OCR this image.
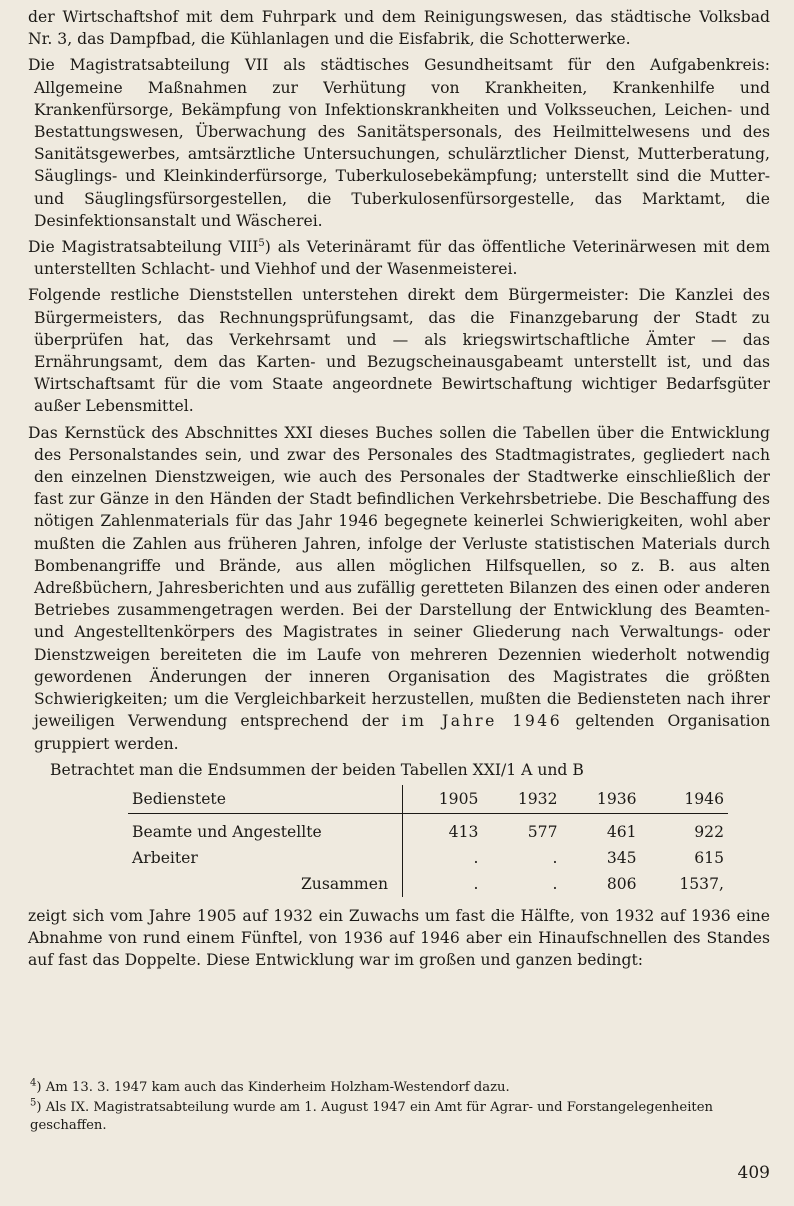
der Wirtschaftshof mit dem Fuhrpark und dem Reinigungswesen, das städtische Volksbad Nr. 3, das Dampfbad, die Kühlanlagen und die Eisfabrik, die Schotterwerke.

Die Magistratsabteilung VII als städtisches Gesundheitsamt für den Aufgabenkreis: Allgemeine Maßnahmen zur Verhütung von Krankheiten, Krankenhilfe und Krankenfürsorge, Bekämpfung von Infektionskrankheiten und Volksseuchen, Leichen- und Bestattungswesen, Überwachung des Sanitätspersonals, des Heilmittelwesens und des Sanitätsgewerbes, amtsärztliche Untersuchungen, schulärztlicher Dienst, Mutterberatung, Säuglings- und Kleinkinderfürsorge, Tuberkulosebekämpfung; unterstellt sind die Mutter- und Säuglingsfürsorgestellen, die Tuberkulosenfürsorgestelle, das Marktamt, die Desinfektionsanstalt und Wäscherei.

Die Magistratsabteilung VIII$^5$) als Veterinäramt für das öffentliche Veterinärwesen mit dem unterstellten Schlacht- und Viehhof und der Wasenmeisterei.

Folgende restliche Dienststellen unterstehen direkt dem Bürgermeister: Die Kanzlei des Bürgermeisters, das Rechnungsprüfungsamt, das die Finanzgebarung der Stadt zu überprüfen hat, das Verkehrsamt und — als kriegswirtschaftliche Ämter — das Ernährungsamt, dem das Karten- und Bezugscheinausgabeamt unterstellt ist, und das Wirtschaftsamt für die vom Staate angeordnete Bewirtschaftung wichtiger Bedarfsgüter außer Lebensmittel.

Das Kernstück des Abschnittes XXI dieses Buches sollen die Tabellen über die Entwicklung des Personalstandes sein, und zwar des Personales des Stadtmagistrates, gegliedert nach den einzelnen Dienstzweigen, wie auch des Personales der Stadtwerke einschließlich der fast zur Gänze in den Händen der Stadt befindlichen Verkehrsbetriebe. Die Beschaffung des nötigen Zahlenmaterials für das Jahr 1946 begegnete keinerlei Schwierigkeiten, wohl aber mußten die Zahlen aus früheren Jahren, infolge der Verluste statistischen Materials durch Bombenangriffe und Brände, aus allen möglichen Hilfsquellen, so z. B. aus alten Adreßbüchern, Jahresberichten und aus zufällig geretteten Bilanzen des einen oder anderen Betriebes zusammengetragen werden. Bei der Darstellung der Entwicklung des Beamten- und Angestelltenkörpers des Magistrates in seiner Gliederung nach Verwaltungs- oder Dienstzweigen bereiteten die im Laufe von mehreren Dezennien wiederholt notwendig gewordenen Änderungen der inneren Organisation des Magistrates die größten Schwierigkeiten; um die Vergleichbarkeit herzustellen, mußten die Bediensteten nach ihrer jeweiligen Verwendung entsprechend der im Jahre 1946 geltenden Organisation gruppiert werden.

Betrachtet man die Endsummen der beiden Tabellen XXI/1 A und B

Bedienstete	1905	1932	1936	1946
Beamte und Angestellte	413	577	461	922
Arbeiter	.	.	345	615
Zusammen	.	.	806	1537,

zeigt sich vom Jahre 1905 auf 1932 ein Zuwachs um fast die Hälfte, von 1932 auf 1936 eine Abnahme von rund einem Fünftel, von 1936 auf 1946 aber ein Hinaufschnellen des Standes auf fast das Doppelte. Diese Entwicklung war im großen und ganzen bedingt:

$^4$) Am 13. 3. 1947 kam auch das Kinderheim Holzham-Westendorf dazu.

$^5$) Als IX. Magistratsabteilung wurde am 1. August 1947 ein Amt für Agrar- und Forstangelegenheiten geschaffen.

409
